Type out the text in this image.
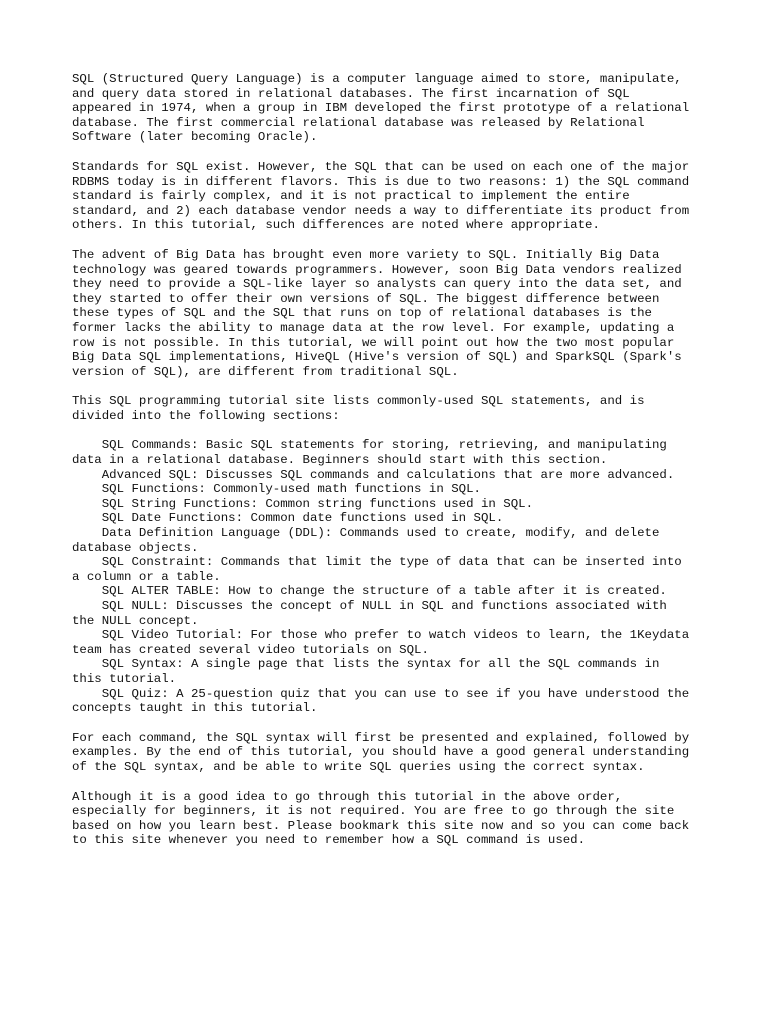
SQL (Structured Query Language) is a computer language aimed to store, manipulate,
and query data stored in relational databases. The first incarnation of SQL
appeared in 1974, when a group in IBM developed the first prototype of a relational
database. The first commercial relational database was released by Relational
Software (later becoming Oracle).

Standards for SQL exist. However, the SQL that can be used on each one of the major
RDBMS today is in different flavors. This is due to two reasons: 1) the SQL command
standard is fairly complex, and it is not practical to implement the entire
standard, and 2) each database vendor needs a way to differentiate its product from
others. In this tutorial, such differences are noted where appropriate.

The advent of Big Data has brought even more variety to SQL. Initially Big Data
technology was geared towards programmers. However, soon Big Data vendors realized
they need to provide a SQL-like layer so analysts can query into the data set, and
they started to offer their own versions of SQL. The biggest difference between
these types of SQL and the SQL that runs on top of relational databases is the
former lacks the ability to manage data at the row level. For example, updating a
row is not possible. In this tutorial, we will point out how the two most popular
Big Data SQL implementations, HiveQL (Hive's version of SQL) and SparkSQL (Spark's
version of SQL), are different from traditional SQL.

This SQL programming tutorial site lists commonly-used SQL statements, and is
divided into the following sections:

SQL Commands: Basic SQL statements for storing, retrieving, and manipulating
data in a relational database. Beginners should start with this section.
Advanced SQL: Discusses SQL commands and calculations that are more advanced.
SQL Functions: Commonly-used math functions in SQL.
SQL String Functions: Common string functions used in SQL.
SQL Date Functions: Common date functions used in SQL.
Data Definition Language (DDL): Commands used to create, modify, and delete
database objects.
SQL Constraint: Commands that limit the type of data that can be inserted into
a column or a table.
SQL ALTER TABLE: How to change the structure of a table after it is created.
SQL NULL: Discusses the concept of NULL in SQL and functions associated with
the NULL concept.
SQL Video Tutorial: For those who prefer to watch videos to learn, the 1Keydata
team has created several video tutorials on SQL.
SQL Syntax: A single page that lists the syntax for all the SQL commands in
this tutorial.
SQL Quiz: A 25-question quiz that you can use to see if you have understood the
concepts taught in this tutorial.

For each command, the SQL syntax will first be presented and explained, followed by
examples. By the end of this tutorial, you should have a good general understanding
of the SQL syntax, and be able to write SQL queries using the correct syntax.

Although it is a good idea to go through this tutorial in the above order,
especially for beginners, it is not required. You are free to go through the site
based on how you learn best. Please bookmark this site now and so you can come back
to this site whenever you need to remember how a SQL command is used.
